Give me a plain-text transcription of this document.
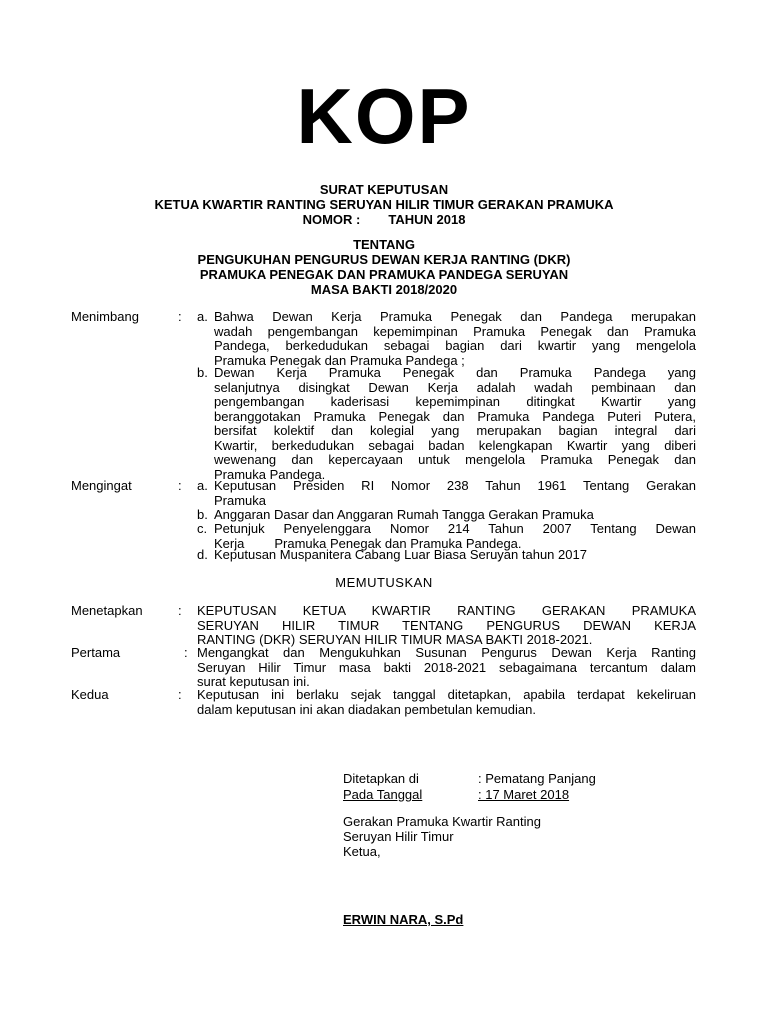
KOP
SURAT KEPUTUSAN
KETUA KWARTIR RANTING SERUYAN HILIR TIMUR GERAKAN PRAMUKA
NOMOR : TAHUN 2018
TENTANG
PENGUKUHAN PENGURUS DEWAN KERJA RANTING (DKR)
PRAMUKA PENEGAK DAN PRAMUKA PANDEGA SERUYAN
MASA BAKTI 2018/2020
Menimbang	: a. Bahwa Dewan Kerja Pramuka Penegak dan Pandega merupakan
wadah pengembangan kepemimpinan Pramuka Penegak dan Pramuka
Pandega, berkedudukan sebagai bagian dari kwartir yang mengelola
Pramuka Penegak dan Pramuka Pandega ;
b. Dewan Kerja Pramuka Penegak dan Pramuka Pandega yang
selanjutnya disingkat Dewan Kerja adalah wadah pembinaan dan
pengembangan kaderisasi kepemimpinan ditingkat Kwartir yang
beranggotakan Pramuka Penegak dan Pramuka Pandega Puteri Putera,
bersifat kolektif dan kolegial yang merupakan bagian integral dari
Kwartir, berkedudukan sebagai badan kelengkapan Kwartir yang diberi
wewenang dan kepercayaan untuk mengelola Pramuka Penegak dan
Pramuka Pandega.
Mengingat	: a. Keputusan Presiden RI Nomor 238 Tahun 1961 Tentang Gerakan
Pramuka
b. Anggaran Dasar dan Anggaran Rumah Tangga Gerakan Pramuka
c. Petunjuk Penyelenggara Nomor 214 Tahun 2007 Tentang Dewan
Kerja Pramuka Penegak dan Pramuka Pandega.
d. Keputusan Muspanitera Cabang Luar Biasa Seruyan tahun 2017
MEMUTUSKAN
Menetapkan	: KEPUTUSAN KETUA KWARTIR RANTING GERAKAN PRAMUKA
SERUYAN HILIR TIMUR TENTANG PENGURUS DEWAN KERJA
RANTING (DKR) SERUYAN HILIR TIMUR MASA BAKTI 2018-2021.
Pertama	: Mengangkat dan Mengukuhkan Susunan Pengurus Dewan Kerja Ranting
Seruyan Hilir Timur masa bakti 2018-2021 sebagaimana tercantum dalam
surat keputusan ini.
Kedua	: Keputusan ini berlaku sejak tanggal ditetapkan, apabila terdapat kekeliruan
dalam keputusan ini akan diadakan pembetulan kemudian.
Ditetapkan di	: Pematang Panjang
Pada Tanggal	: 17 Maret 2018
Gerakan Pramuka Kwartir Ranting
Seruyan Hilir Timur
Ketua,
ERWIN NARA, S.Pd
